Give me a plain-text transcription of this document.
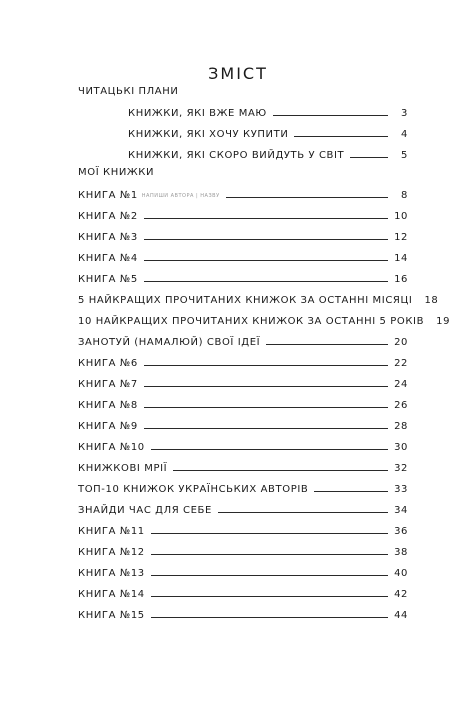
ЗМІСТ
ЧИТАЦЬКІ ПЛАНИ
КНИЖКИ, ЯКІ ВЖЕ МАЮ	3
КНИЖКИ, ЯКІ ХОЧУ КУПИТИ	4
КНИЖКИ, ЯКІ СКОРО ВИЙДУТЬ У СВІТ	5
МОЇ КНИЖКИ
КНИГА №1 НАПИШИ АВТОРА | НАЗВУ	8
КНИГА №2	10
КНИГА №3	12
КНИГА №4	14
КНИГА №5	16
5 НАЙКРАЩИХ ПРОЧИТАНИХ КНИЖОК ЗА ОСТАННІ МІСЯЦІ 18
10 НАЙКРАЩИХ ПРОЧИТАНИХ КНИЖОК ЗА ОСТАННІ 5 РОКІВ 19
ЗАНОТУЙ (НАМАЛЮЙ) СВОЇ ІДЕЇ	20
КНИГА №6	22
КНИГА №7	24
КНИГА №8	26
КНИГА №9	28
КНИГА №10	30
КНИЖКОВІ МРІЇ	32
ТОП-10 КНИЖОК УКРАЇНСЬКИХ АВТОРІВ	33
ЗНАЙДИ ЧАС ДЛЯ СЕБЕ	34
КНИГА №11	36
КНИГА №12	38
КНИГА №13	40
КНИГА №14	42
КНИГА №15	44
